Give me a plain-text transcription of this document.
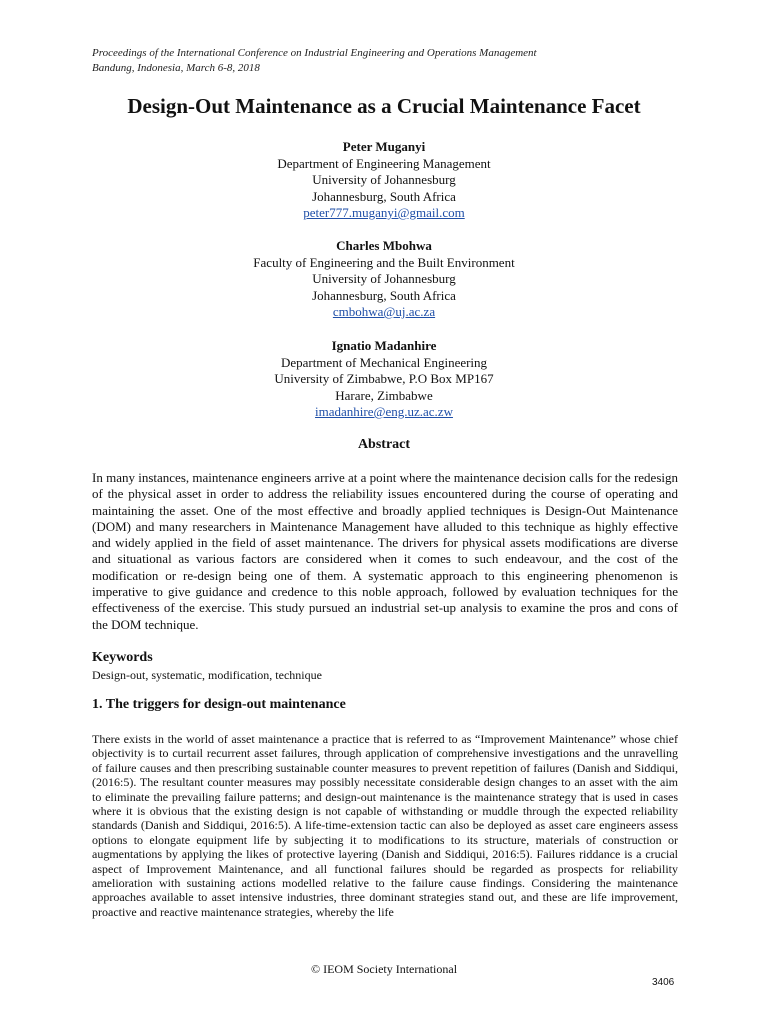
Proceedings of the International Conference on Industrial Engineering and Operations Management
Bandung, Indonesia, March 6-8, 2018
Design-Out Maintenance as a Crucial Maintenance Facet
Peter Muganyi
Department of Engineering Management
University of Johannesburg
Johannesburg, South Africa
peter777.muganyi@gmail.com
Charles Mbohwa
Faculty of Engineering and the Built Environment
University of Johannesburg
Johannesburg, South Africa
cmbohwa@uj.ac.za
Ignatio Madanhire
Department of Mechanical Engineering
University of Zimbabwe, P.O Box MP167
Harare, Zimbabwe
imadanhire@eng.uz.ac.zw
Abstract
In many instances, maintenance engineers arrive at a point where the maintenance decision calls for the redesign of the physical asset in order to address the reliability issues encountered during the course of operating and maintaining the asset. One of the most effective and broadly applied techniques is Design-Out Maintenance (DOM) and many researchers in Maintenance Management have alluded to this technique as highly effective and widely applied in the field of asset maintenance. The drivers for physical assets modifications are diverse and situational as various factors are considered when it comes to such endeavour, and the cost of the modification or re-design being one of them. A systematic approach to this engineering phenomenon is imperative to give guidance and credence to this noble approach, followed by evaluation techniques for the effectiveness of the exercise. This study pursued an industrial set-up analysis to examine the pros and cons of the DOM technique.
Keywords
Design-out, systematic, modification, technique
1. The triggers for design-out maintenance
There exists in the world of asset maintenance a practice that is referred to as “Improvement Maintenance” whose chief objectivity is to curtail recurrent asset failures, through application of comprehensive investigations and the unravelling of failure causes and then prescribing sustainable counter measures to prevent repetition of failures (Danish and Siddiqui, (2016:5). The resultant counter measures may possibly necessitate considerable design changes to an asset with the aim to eliminate the prevailing failure patterns; and design-out maintenance is the maintenance strategy that is used in cases where it is obvious that the existing design is not capable of withstanding or muddle through the expected reliability standards (Danish and Siddiqui, 2016:5). A life-time-extension tactic can also be deployed as asset care engineers assess options to elongate equipment life by subjecting it to modifications to its structure, materials of construction or augmentations by applying the likes of protective layering (Danish and Siddiqui, 2016:5). Failures riddance is a crucial aspect of Improvement Maintenance, and all functional failures should be regarded as prospects for reliability amelioration with sustaining actions modelled relative to the failure cause findings. Considering the maintenance approaches available to asset intensive industries, three dominant strategies stand out, and these are life improvement, proactive and reactive maintenance strategies, whereby the life
© IEOM Society International
3406
